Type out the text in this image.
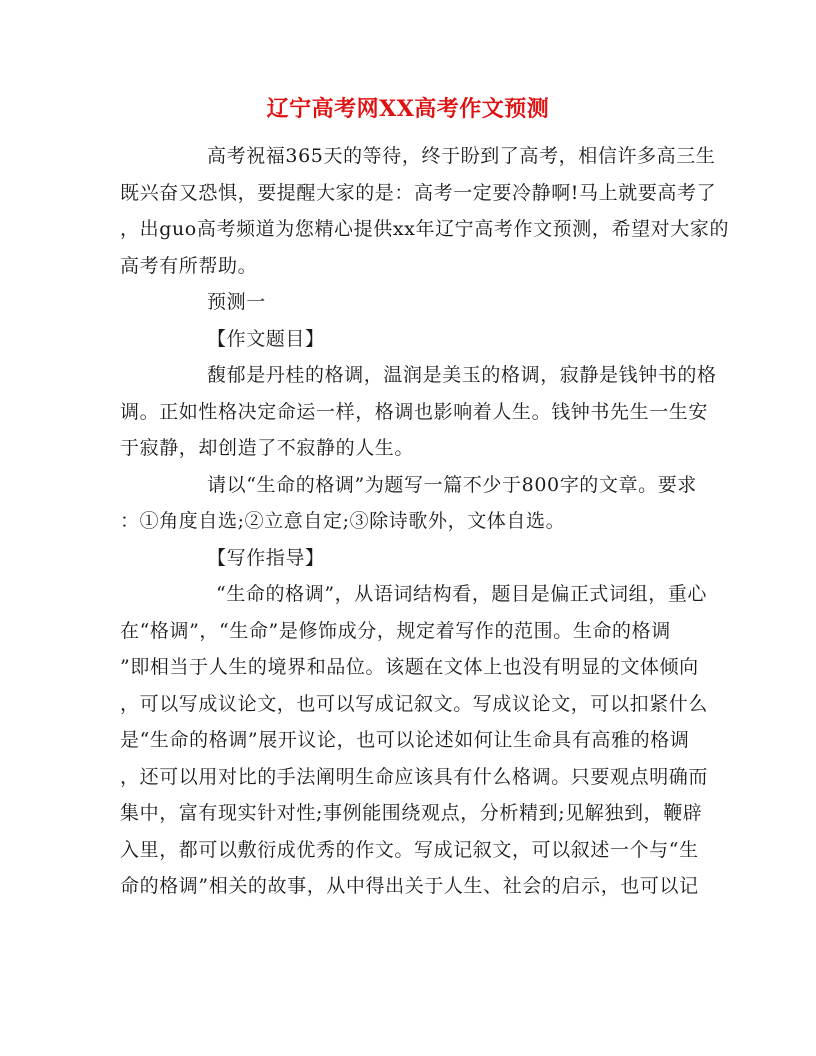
辽宁高考网XX高考作文预测
高考祝福365天的等待，终于盼到了高考，相信许多高三生
既兴奋又恐惧，要提醒大家的是：高考一定要冷静啊!马上就要高考了
，出guo高考频道为您精心提供xx年辽宁高考作文预测，希望对大家的
高考有所帮助。
预测一
【作文题目】
馥郁是丹桂的格调，温润是美玉的格调，寂静是钱钟书的格
调。正如性格决定命运一样，格调也影响着人生。钱钟书先生一生安
于寂静，却创造了不寂静的人生。
请以“生命的格调”为题写一篇不少于800字的文章。要求
：①角度自选;②立意自定;③除诗歌外，文体自选。
【写作指导】
“生命的格调”，从语词结构看，题目是偏正式词组，重心
在“格调”，“生命”是修饰成分，规定着写作的范围。生命的格调
”即相当于人生的境界和品位。该题在文体上也没有明显的文体倾向
，可以写成议论文，也可以写成记叙文。写成议论文，可以扣紧什么
是“生命的格调”展开议论，也可以论述如何让生命具有高雅的格调
，还可以用对比的手法阐明生命应该具有什么格调。只要观点明确而
集中，富有现实针对性;事例能围绕观点，分析精到;见解独到，鞭辟
入里，都可以敷衍成优秀的作文。写成记叙文，可以叙述一个与“生
命的格调”相关的故事，从中得出关于人生、社会的启示，也可以记
